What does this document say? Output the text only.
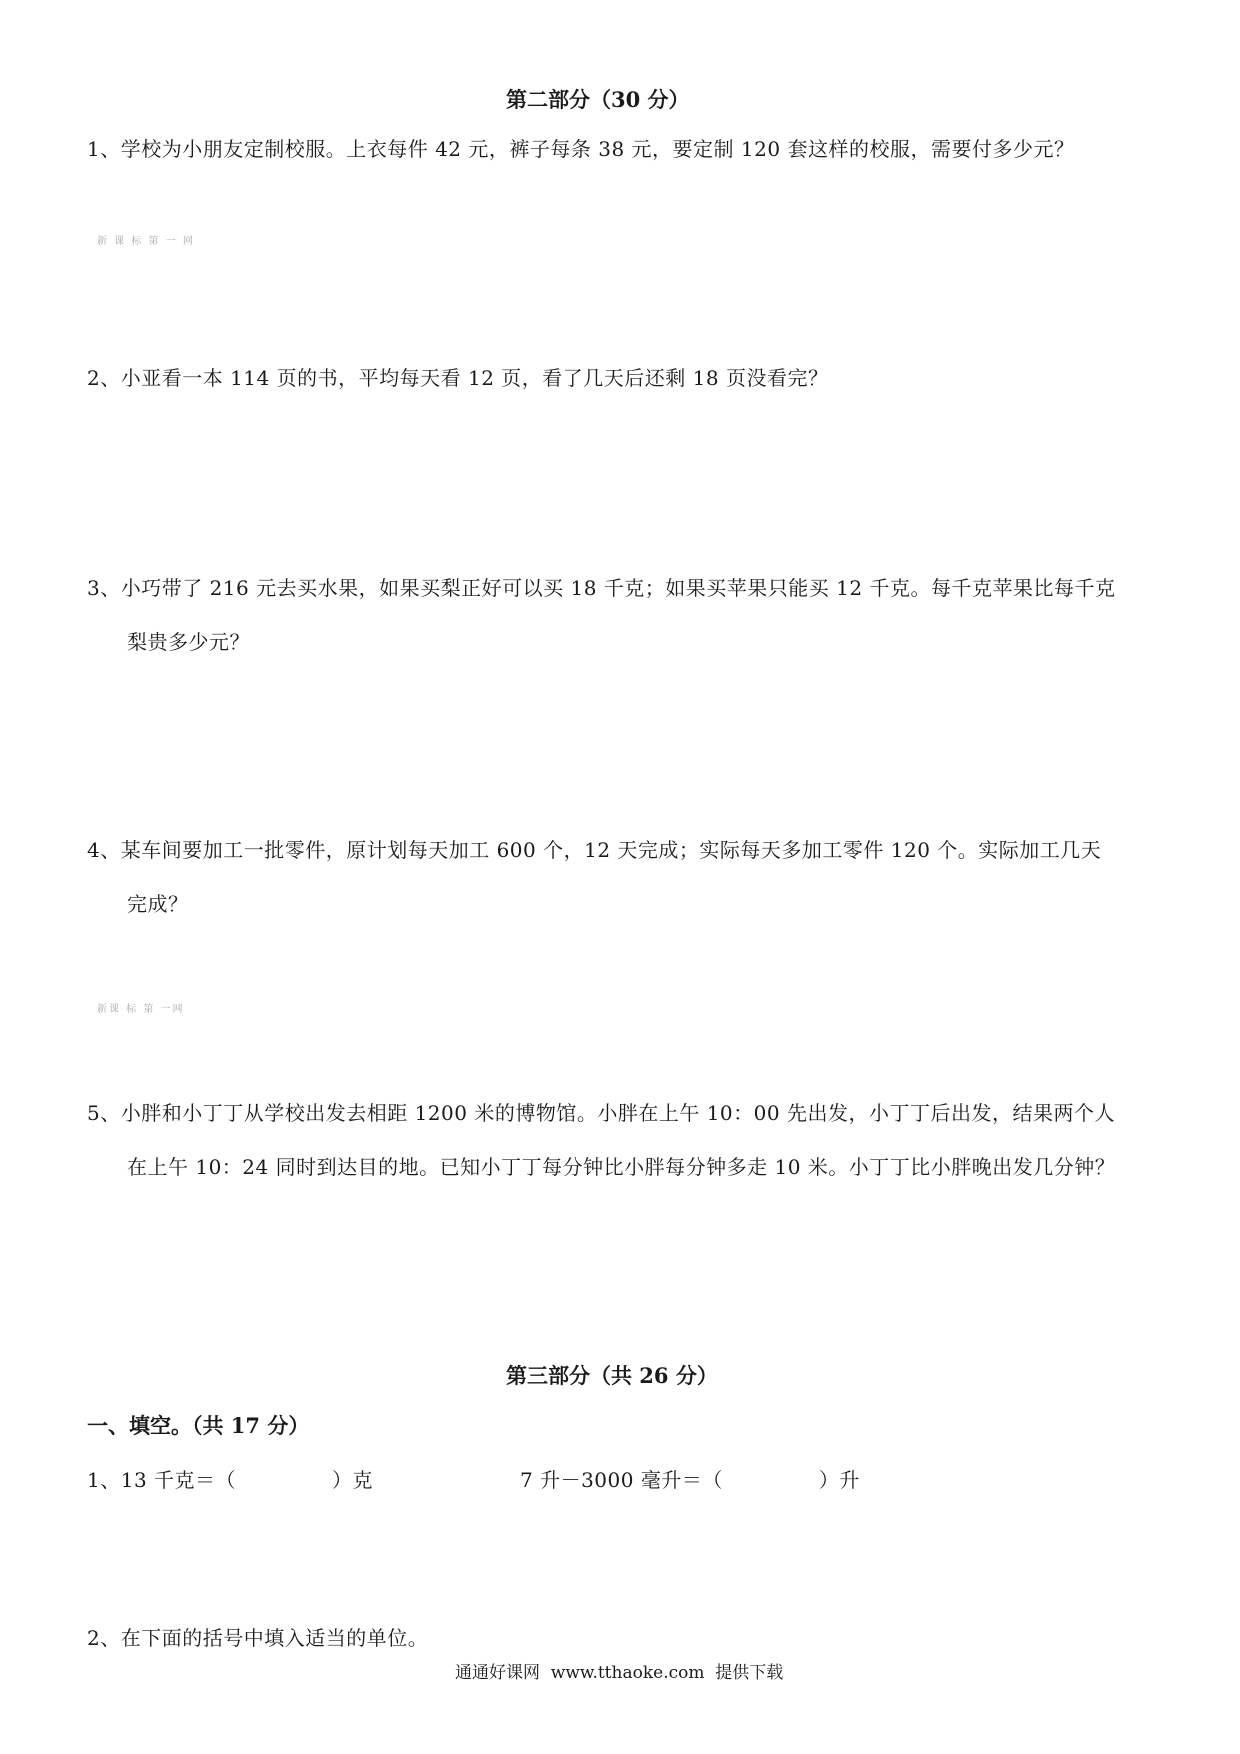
第二部分（30 分）
1、学校为小朋友定制校服。上衣每件 42 元，裤子每条 38 元，要定制 120 套这样的校服，需要付多少元？
新 课 标 第 一 网
2、小亚看一本 114 页的书，平均每天看 12 页，看了几天后还剩 18 页没看完？
3、小巧带了 216 元去买水果，如果买梨正好可以买 18 千克；如果买苹果只能买 12 千克。每千克苹果比每千克
梨贵多少元？
4、某车间要加工一批零件，原计划每天加工 600 个，12 天完成；实际每天多加工零件 120 个。实际加工几天
完成？
新课 标 第 一网
5、小胖和小丁丁从学校出发去相距 1200 米的博物馆。小胖在上午 10：00 先出发，小丁丁后出发，结果两个人
在上午 10：24 同时到达目的地。已知小丁丁每分钟比小胖每分钟多走 10 米。小丁丁比小胖晚出发几分钟？
第三部分（共 26 分）
一、填空。（共 17 分）
1、13 千克＝（              ）克	7 升－3000 毫升＝（              ）升
2、在下面的括号中填入适当的单位。
通通好课网  www.tthaoke.com  提供下载
